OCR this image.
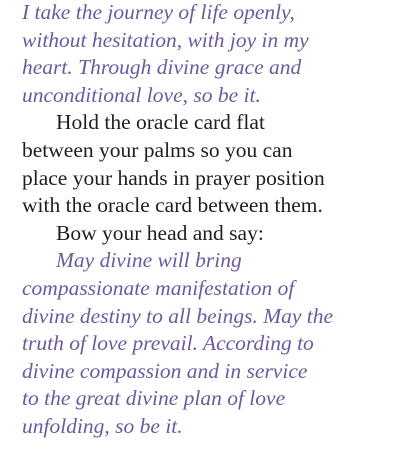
I take the journey of life openly,
without hesitation, with joy in my
heart. Through divine grace and
unconditional love, so be it.

Hold the oracle card flat
between your palms so you can
place your hands in prayer position
with the oracle card between them.

Bow your head and say:

May divine will bring
compassionate manifestation of
divine destiny to all beings. May the
truth of love prevail. According to
divine compassion and in service
to the great divine plan of love
unfolding, so be it.
